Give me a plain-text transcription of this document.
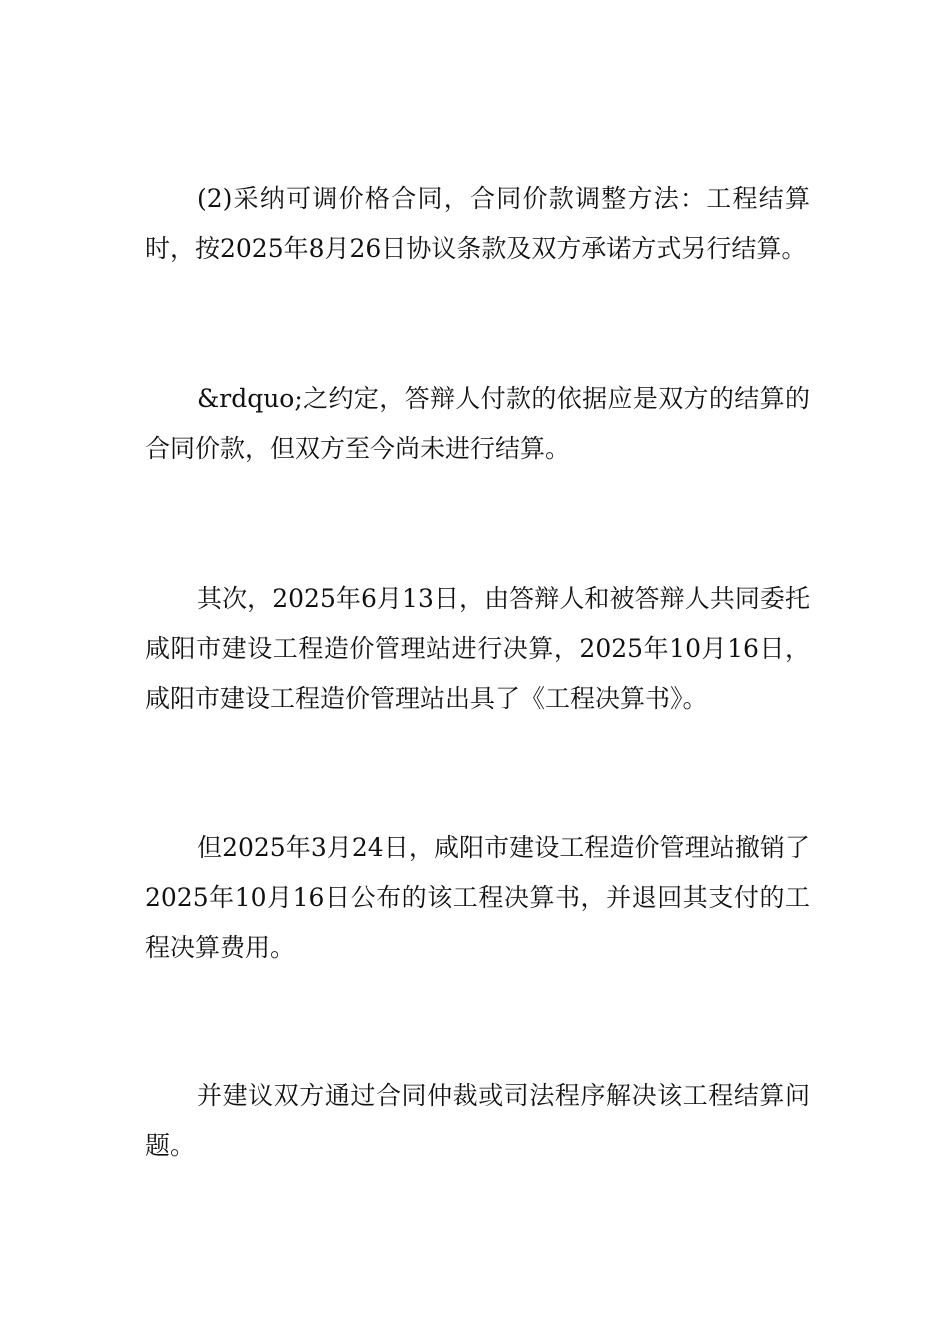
(2)采纳可调价格合同，合同价款调整方法：工程结算时，按2025年8月26日协议条款及双方承诺方式另行结算。

&rdquo;之约定，答辩人付款的依据应是双方的结算的合同价款，但双方至今尚未进行结算。

其次，2025年6月13日，由答辩人和被答辩人共同委托咸阳市建设工程造价管理站进行决算，2025年10月16日，咸阳市建设工程造价管理站出具了《工程决算书》。

但2025年3月24日，咸阳市建设工程造价管理站撤销了2025年10月16日公布的该工程决算书，并退回其支付的工程决算费用。

并建议双方通过合同仲裁或司法程序解决该工程结算问题。
